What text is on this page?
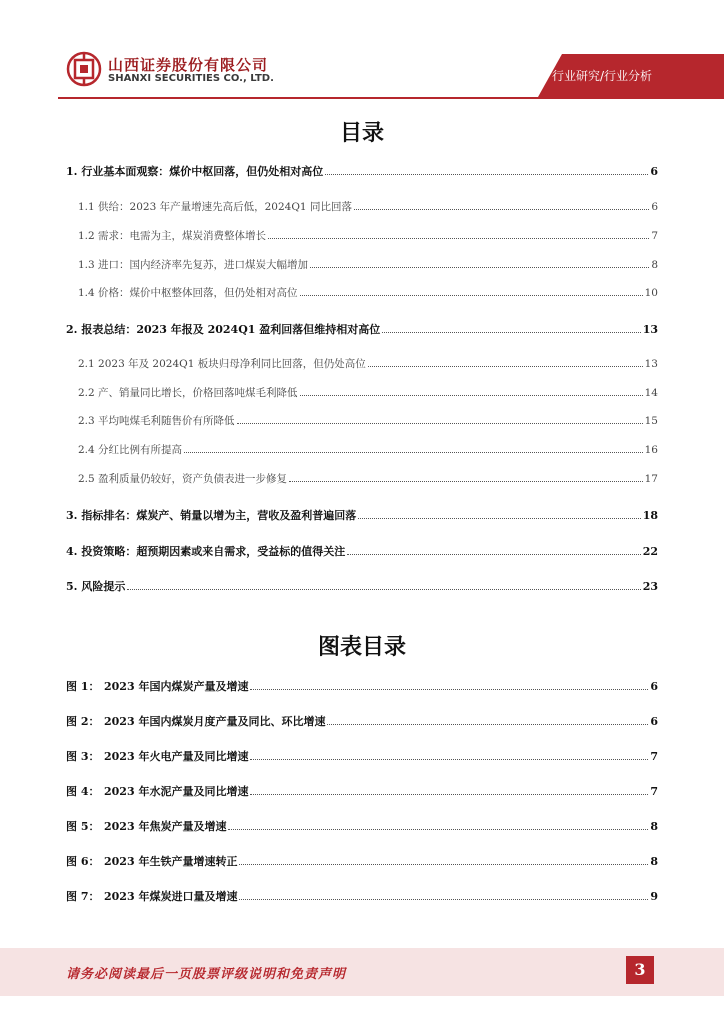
山西证券股份有限公司
SHANXI SECURITIES CO., LTD.	行业研究/行业分析
目录
1. 行业基本面观察：煤价中枢回落，但仍处相对高位	6
1.1 供给：2023 年产量增速先高后低，2024Q1 同比回落	6
1.2 需求：电需为主，煤炭消费整体增长	7
1.3 进口：国内经济率先复苏，进口煤炭大幅增加	8
1.4 价格：煤价中枢整体回落，但仍处相对高位	10
2. 报表总结：2023 年报及 2024Q1 盈利回落但维持相对高位	13
2.1 2023 年及 2024Q1 板块归母净利同比回落，但仍处高位	13
2.2 产、销量同比增长，价格回落吨煤毛利降低	14
2.3 平均吨煤毛利随售价有所降低	15
2.4 分红比例有所提高	16
2.5 盈利质量仍较好，资产负债表进一步修复	17
3. 指标排名：煤炭产、销量以增为主，营收及盈利普遍回落	18
4. 投资策略：超预期因素或来自需求，受益标的值得关注	22
5. 风险提示	23
图表目录
图 1： 2023 年国内煤炭产量及增速	6
图 2： 2023 年国内煤炭月度产量及同比、环比增速	6
图 3： 2023 年火电产量及同比增速	7
图 4： 2023 年水泥产量及同比增速	7
图 5： 2023 年焦炭产量及增速	8
图 6： 2023 年生铁产量增速转正	8
图 7： 2023 年煤炭进口量及增速	9
请务必阅读最后一页股票评级说明和免责声明	3
